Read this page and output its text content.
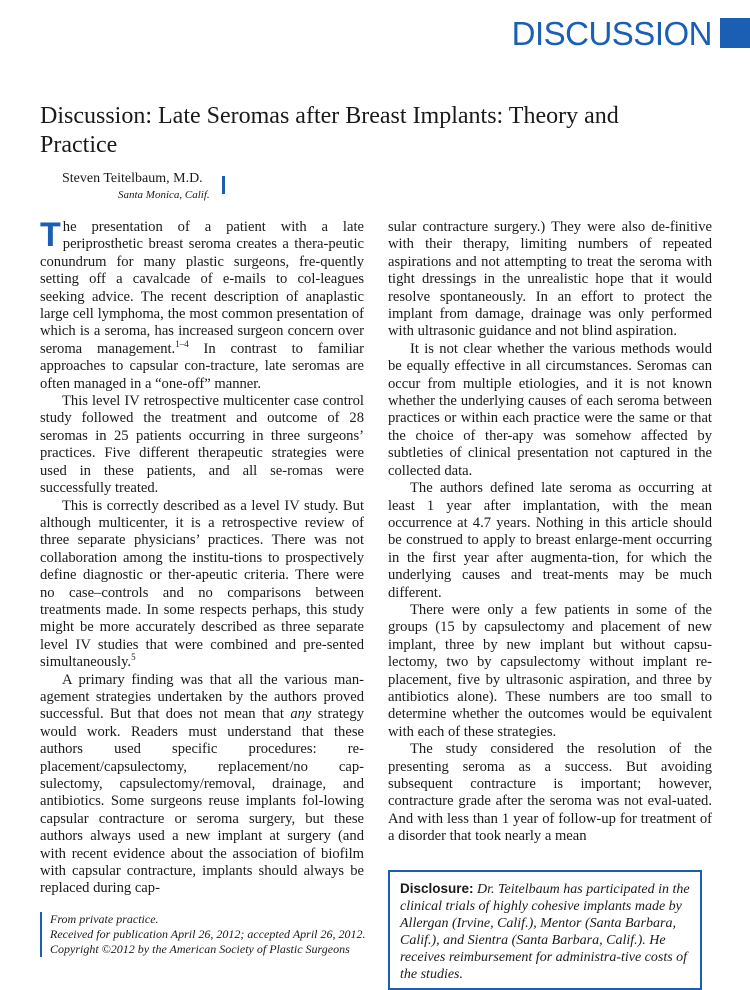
DISCUSSION
Discussion: Late Seromas after Breast Implants: Theory and Practice
Steven Teitelbaum, M.D.
Santa Monica, Calif.

The presentation of a patient with a late periprosthetic breast seroma creates a thera-peutic conundrum for many plastic surgeons, fre-quently setting off a cavalcade of e-mails to col-leagues seeking advice. The recent description of anaplastic large cell lymphoma, the most common presentation of which is a seroma, has increased surgeon concern over seroma management.$^{1-4}$ In contrast to familiar approaches to capsular con-tracture, late seromas are often managed in a “one-off” manner.

This level IV retrospective multicenter case control study followed the treatment and outcome of 28 seromas in 25 patients occurring in three surgeons’ practices. Five different therapeutic strategies were used in these patients, and all se-romas were successfully treated.

This is correctly described as a level IV study. But although multicenter, it is a retrospective review of three separate physicians’ practices. There was not collaboration among the institu-tions to prospectively define diagnostic or ther-apeutic criteria. There were no case–controls and no comparisons between treatments made. In some respects perhaps, this study might be more accurately described as three separate level IV studies that were combined and pre-sented simultaneously.$^5$

A primary finding was that all the various man-agement strategies undertaken by the authors proved successful. But that does not mean that any strategy would work. Readers must understand that these authors used specific procedures: re-placement/capsulectomy, replacement/no cap-sulectomy, capsulectomy/removal, drainage, and antibiotics. Some surgeons reuse implants fol-lowing capsular contracture or seroma surgery, but these authors always used a new implant at surgery (and with recent evidence about the association of biofilm with capsular contracture, implants should always be replaced during cap-

sular contracture surgery.) They were also de-finitive with their therapy, limiting numbers of repeated aspirations and not attempting to treat the seroma with tight dressings in the unrealistic hope that it would resolve spontaneously. In an effort to protect the implant from damage, drainage was only performed with ultrasonic guidance and not blind aspiration.

It is not clear whether the various methods would be equally effective in all circumstances. Seromas can occur from multiple etiologies, and it is not known whether the underlying causes of each seroma between practices or within each practice were the same or that the choice of ther-apy was somehow affected by subtleties of clinical presentation not captured in the collected data.

The authors defined late seroma as occurring at least 1 year after implantation, with the mean occurrence at 4.7 years. Nothing in this article should be construed to apply to breast enlarge-ment occurring in the first year after augmenta-tion, for which the underlying causes and treat-ments may be much different.

There were only a few patients in some of the groups (15 by capsulectomy and placement of new implant, three by new implant but without capsu-lectomy, two by capsulectomy without implant re-placement, five by ultrasonic aspiration, and three by antibiotics alone). These numbers are too small to determine whether the outcomes would be equivalent with each of these strategies.

The study considered the resolution of the presenting seroma as a success. But avoiding subsequent contracture is important; however, contracture grade after the seroma was not eval-uated. And with less than 1 year of follow-up for treatment of a disorder that took nearly a mean

From private practice.
Received for publication April 26, 2012; accepted April 26, 2012.
Copyright ©2012 by the American Society of Plastic Surgeons
Disclosure: Dr. Teitelbaum has participated in the clinical trials of highly cohesive implants made by Allergan (Irvine, Calif.), Mentor (Santa Barbara, Calif.), and Sientra (Santa Barbara, Calif.). He receives reimbursement for administra-tive costs of the studies.
